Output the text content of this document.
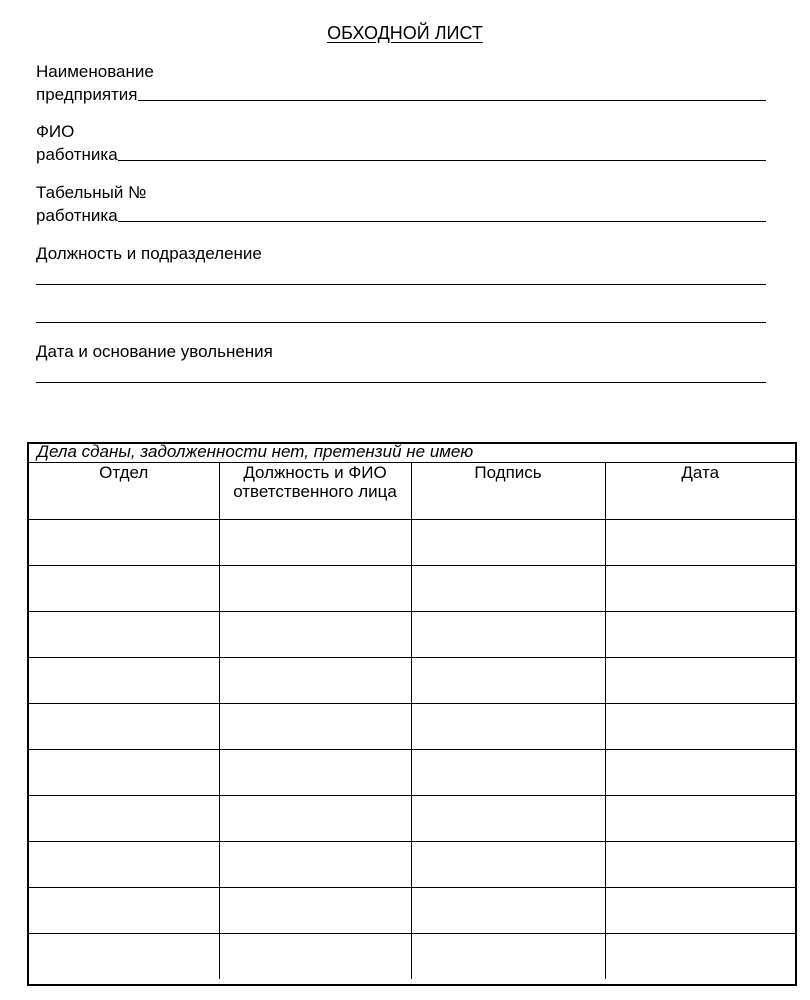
ОБХОДНОЙ ЛИСТ
Наименование
предприятия
ФИО
работника
Табельный №
работника
Должность и подразделение
Дата и основание увольнения
Дела сданы, задолженности нет, претензий не имею
Отдел	Должность и ФИО ответственного лица	Подпись	Дата
